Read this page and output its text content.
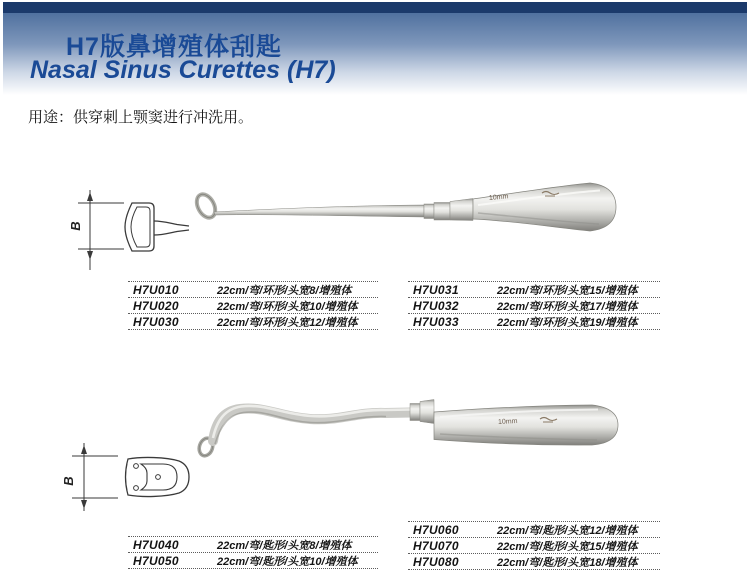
H7版鼻增殖体刮匙
Nasal Sinus Curettes (H7)
用途：供穿刺上颚窦进行冲洗用。
B
10mm
B
10mm
H7U010	22cm/弯/环形/头宽8/增殖体
H7U020	22cm/弯/环形/头宽10/增殖体
H7U030	22cm/弯/环形/头宽12/增殖体
H7U031	22cm/弯/环形/头宽15/增殖体
H7U032	22cm/弯/环形/头宽17/增殖体
H7U033	22cm/弯/环形/头宽19/增殖体
H7U040	22cm/弯/匙形/头宽8/增殖体
H7U050	22cm/弯/匙形/头宽10/增殖体
H7U060	22cm/弯/匙形/头宽12/增殖体
H7U070	22cm/弯/匙形/头宽15/增殖体
H7U080	22cm/弯/匙形/头宽18/增殖体
